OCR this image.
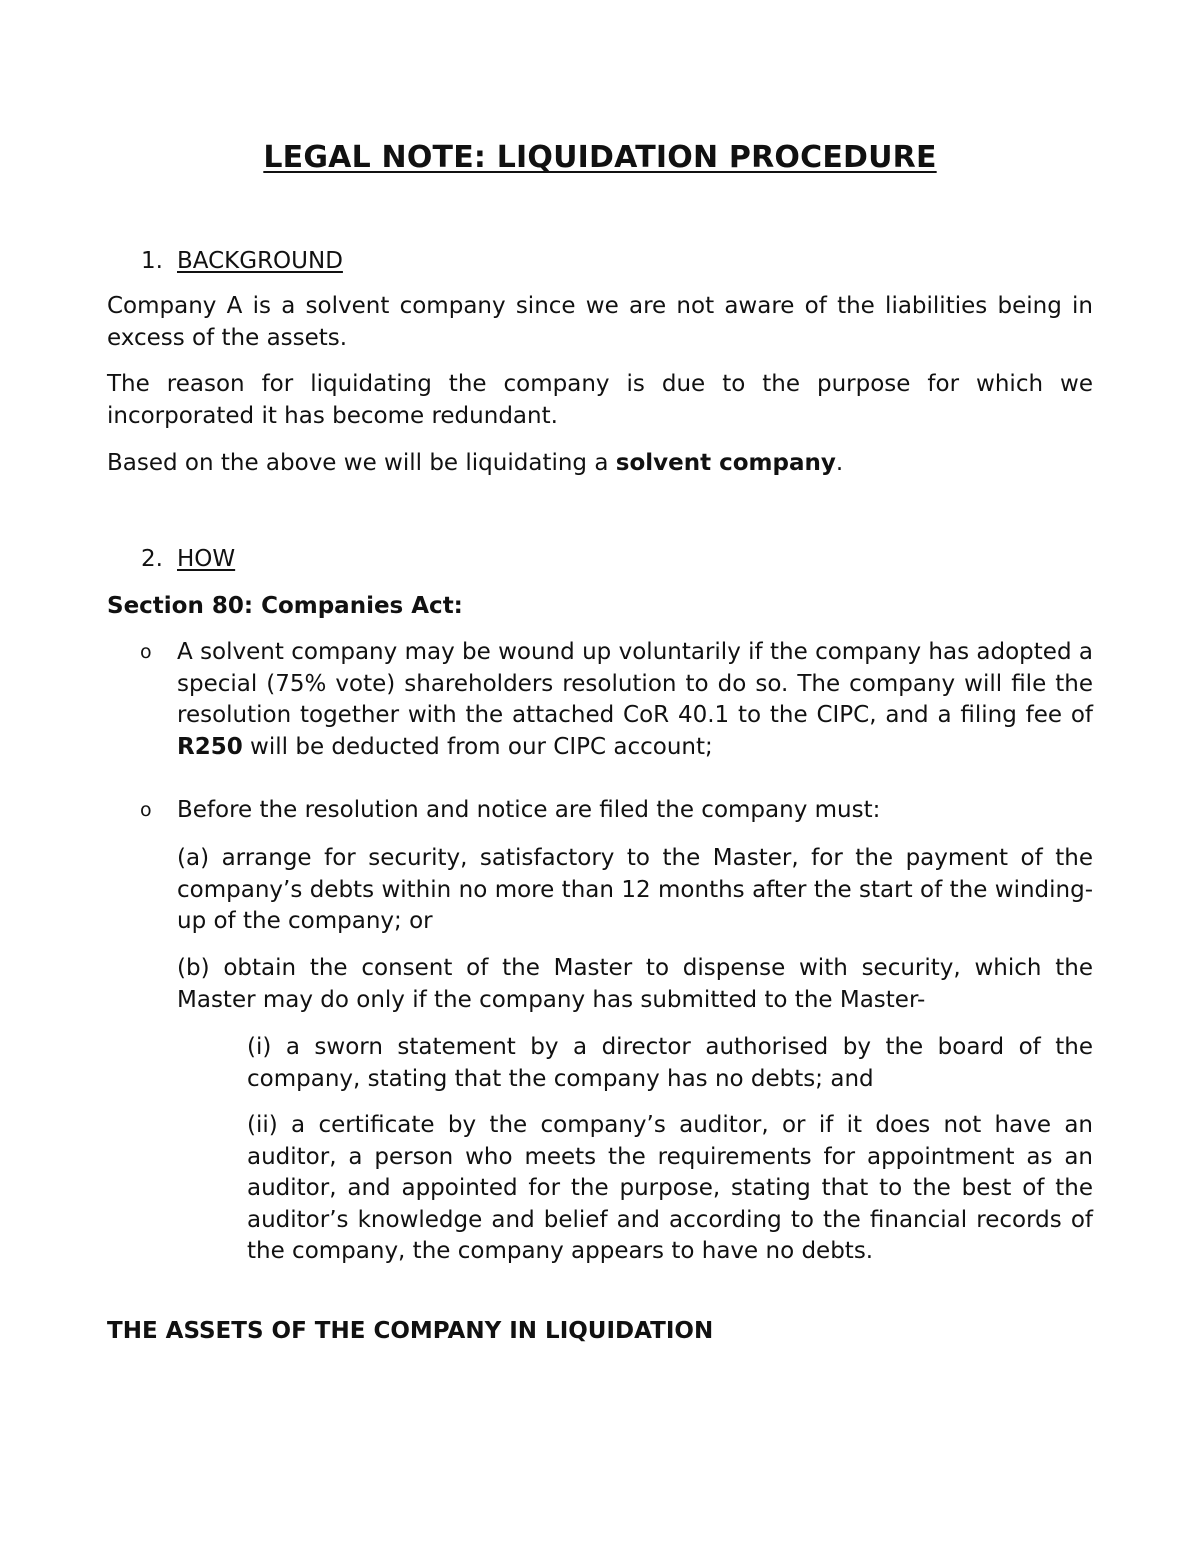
LEGAL NOTE: LIQUIDATION PROCEDURE
1. BACKGROUND
Company A is a solvent company since we are not aware of the liabilities being in excess of the assets.
The reason for liquidating the company is due to the purpose for which we incorporated it has become redundant.
Based on the above we will be liquidating a solvent company.
2. HOW
Section 80: Companies Act:
o A solvent company may be wound up voluntarily if the company has adopted a special (75% vote) shareholders resolution to do so. The company will file the resolution together with the attached CoR 40.1 to the CIPC, and a filing fee of R250 will be deducted from our CIPC account;
o Before the resolution and notice are filed the company must:
(a) arrange for security, satisfactory to the Master, for the payment of the company’s debts within no more than 12 months after the start of the winding-up of the company; or
(b) obtain the consent of the Master to dispense with security, which the Master may do only if the company has submitted to the Master-
(i) a sworn statement by a director authorised by the board of the company, stating that the company has no debts; and
(ii) a certificate by the company’s auditor, or if it does not have an auditor, a person who meets the requirements for appointment as an auditor, and appointed for the purpose, stating that to the best of the auditor’s knowledge and belief and according to the financial records of the company, the company appears to have no debts.
THE ASSETS OF THE COMPANY IN LIQUIDATION
